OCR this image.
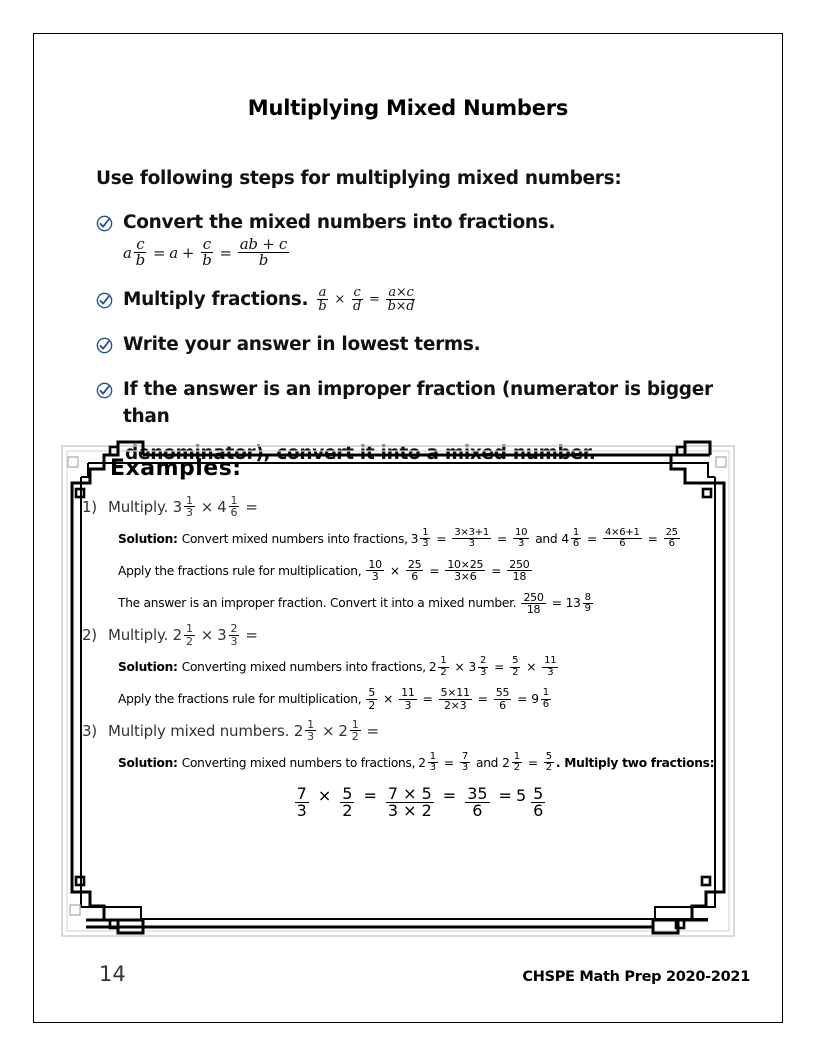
Multiplying Mixed Numbers
Use following steps for multiplying mixed numbers:
Convert the mixed numbers into fractions.
a $\frac{c}{b} = a + \frac{c}{b} = \frac{ab + c}{b}$
Multiply fractions. $\frac{a}{b} \times \frac{c}{d} = \frac{a\times c}{b\times d}$
Write your answer in lowest terms.
If the answer is an improper fraction (numerator is bigger than
denominator), convert it into a mixed number.
Examples:
1) Multiply.
$3 \frac{1}{3} \times 4 \frac{1}{6}$ =
Solution: Convert mixed numbers into fractions, $3 \frac{1}{3} = \frac{3\times 3+1}{3} = \frac{10}{3}$ and $4 \frac{1}{6} = \frac{4\times 6+1}{6} = \frac{25}{6}$
Apply the fractions rule for multiplication, $\frac{10}{3} \times \frac{25}{6} = \frac{10\times 25}{3\times 6} = \frac{250}{18}$
The answer is an improper fraction. Convert it into a mixed number. $\frac{250}{18} = 13 \frac{8}{9}$
2) Multiply.
$2 \frac{1}{2} \times 3 \frac{2}{3}$ =
Solution: Converting mixed numbers into fractions, $2 \frac{1}{2} \times 3 \frac{2}{3} = \frac{5}{2} \times \frac{11}{3}$
Apply the fractions rule for multiplication, $\frac{5}{2} \times \frac{11}{3} = \frac{5\times 11}{2\times 3} = \frac{55}{6} = 9 \frac{1}{6}$
3) Multiply mixed numbers.
$2 \frac{1}{3} \times 2 \frac{1}{2}$ =
Solution: Converting mixed numbers to fractions, $2 \frac{1}{3} = \frac{7}{3}$ and $2 \frac{1}{2} = \frac{5}{2}$ . Multiply two fractions:
$\frac{7}{3} \times \frac{5}{2} = \frac{7 \times 5}{3 \times 2} = \frac{35}{6} = 5 \frac{5}{6}$
14	CHSPE Math Prep 2020-2021
